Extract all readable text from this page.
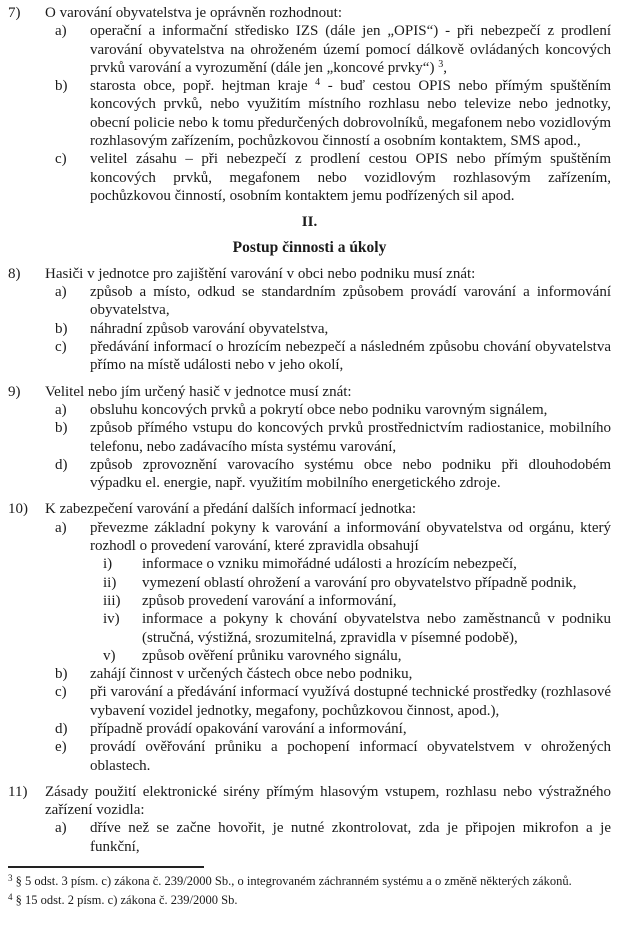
7)	O varování obyvatelstva je oprávněn rozhodnout:
a)	operační a informační středisko IZS (dále jen „OPIS“) - při nebezpečí z prodlení varování obyvatelstva na ohroženém území pomocí dálkově ovládaných koncových prvků varování a vyrozumění (dále jen „koncové prvky“) $^3$,
b)	starosta obce, popř. hejtman kraje $^4$ - buď cestou OPIS nebo přímým spuštěním koncových prvků, nebo využitím místního rozhlasu nebo televize nebo jednotky, obecní policie nebo k tomu předurčených dobrovolníků, megafonem nebo vozidlovým rozhlasovým zařízením, pochůzkovou činností a osobním kontaktem, SMS apod.,
c)	velitel zásahu – při nebezpečí z prodlení cestou OPIS nebo přímým spuštěním koncových prvků, megafonem nebo vozidlovým rozhlasovým zařízením, pochůzkovou činností, osobním kontaktem jemu podřízených sil apod.
II.
Postup činnosti a úkoly
8)	Hasiči v jednotce pro zajištění varování v obci nebo podniku musí znát:
a)	způsob a místo, odkud se standardním způsobem provádí varování a informování obyvatelstva,
b)	náhradní způsob varování obyvatelstva,
c)	předávání informací o hrozícím nebezpečí a následném způsobu chování obyvatelstva přímo na místě události nebo v jeho okolí,
9)	Velitel nebo jím určený hasič v jednotce musí znát:
a)	obsluhu koncových prvků a pokrytí obce nebo podniku varovným signálem,
b)	způsob přímého vstupu do koncových prvků prostřednictvím radiostanice, mobilního telefonu, nebo zadávacího místa systému varování,
d)	způsob zprovoznění varovacího systému obce nebo podniku při dlouhodobém výpadku el. energie, např. využitím mobilního energetického zdroje.
10)	K zabezpečení varování a předání dalších informací jednotka:
a)	převezme základní pokyny k varování a informování obyvatelstva od orgánu, který rozhodl o provedení varování, které zpravidla obsahují
i)	informace o vzniku mimořádné události a hrozícím nebezpečí,
ii)	vymezení oblastí ohrožení a varování pro obyvatelstvo případně podnik,
iii)	způsob provedení varování a informování,
iv)	informace a pokyny k chování obyvatelstva nebo zaměstnanců v podniku (stručná, výstižná, srozumitelná, zpravidla v písemné podobě),
v)	způsob ověření průniku varovného signálu,
b)	zahájí činnost v určených částech obce nebo podniku,
c)	při varování a předávání informací využívá dostupné technické prostředky (rozhlasové vybavení vozidel jednotky, megafony, pochůzkovou činnost, apod.),
d)	případně provádí opakování varování a informování,
e)	provádí ověřování průniku a pochopení informací obyvatelstvem v ohrožených oblastech.
11)	Zásady použití elektronické sirény přímým hlasovým vstupem, rozhlasu nebo výstražného zařízení vozidla:
a)	dříve než se začne hovořit, je nutné zkontrolovat, zda je připojen mikrofon a je funkční,
$^3$ § 5 odst. 3 písm. c) zákona č. 239/2000 Sb., o integrovaném záchranném systému a o změně některých zákonů.
$^4$ § 15 odst. 2 písm. c) zákona č. 239/2000 Sb.
